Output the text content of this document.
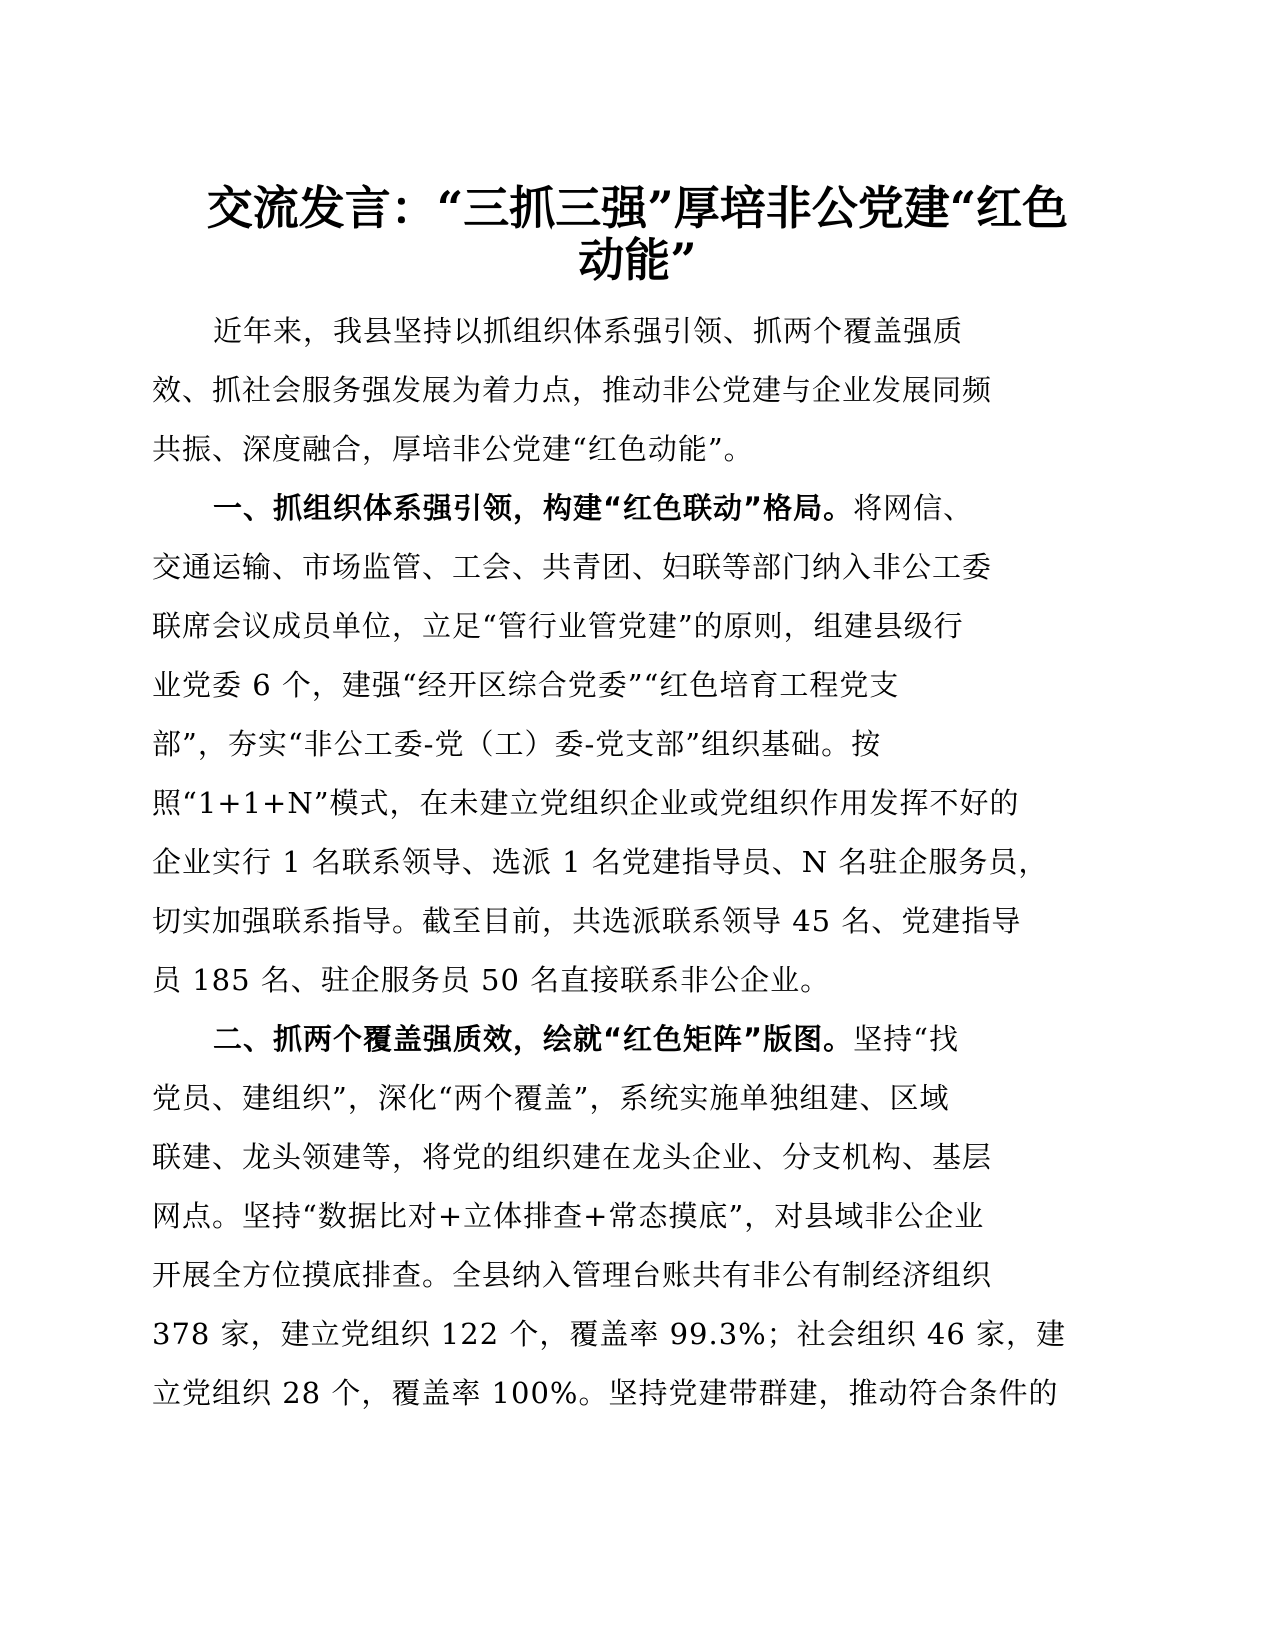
交流发言：“三抓三强”厚培非公党建“红色
动能”

近年来，我县坚持以抓组织体系强引领、抓两个覆盖强质

效、抓社会服务强发展为着力点，推动非公党建与企业发展同频

共振、深度融合，厚培非公党建“红色动能”。

一、抓组织体系强引领，构建“红色联动”格局。将网信、

交通运输、市场监管、工会、共青团、妇联等部门纳入非公工委

联席会议成员单位，立足“管行业管党建”的原则，组建县级行

业党委 6 个，建强“经开区综合党委”“红色培育工程党支

部”，夯实“非公工委-党（工）委-党支部”组织基础。按

照“1+1+N”模式，在未建立党组织企业或党组织作用发挥不好的

企业实行 1 名联系领导、选派 1 名党建指导员、N 名驻企服务员，

切实加强联系指导。截至目前，共选派联系领导 45 名、党建指导

员 185 名、驻企服务员 50 名直接联系非公企业。

二、抓两个覆盖强质效，绘就“红色矩阵”版图。坚持“找

党员、建组织”，深化“两个覆盖”，系统实施单独组建、区域

联建、龙头领建等，将党的组织建在龙头企业、分支机构、基层

网点。坚持“数据比对+立体排查+常态摸底”，对县域非公企业

开展全方位摸底排查。全县纳入管理台账共有非公有制经济组织

378 家，建立党组织 122 个，覆盖率 99.3%；社会组织 46 家，建

立党组织 28 个，覆盖率 100%。坚持党建带群建，推动符合条件的
